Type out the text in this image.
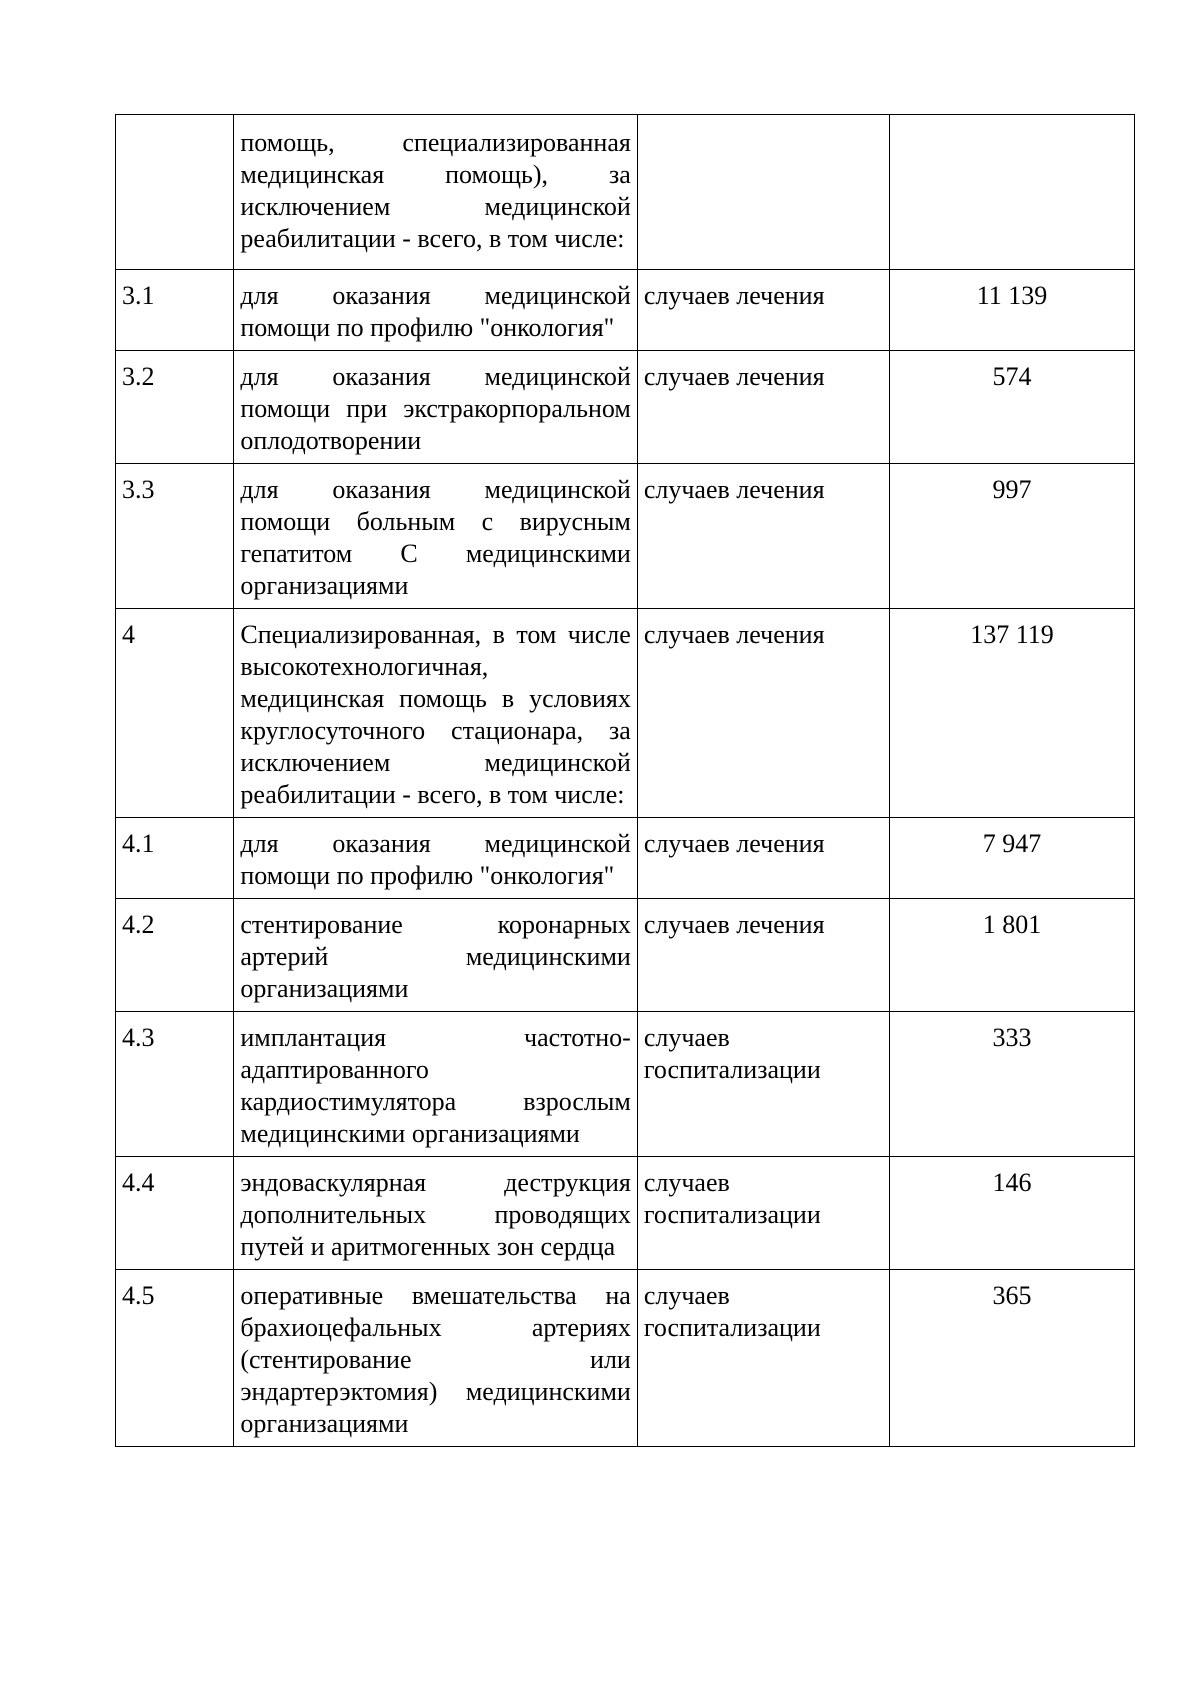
	помощь, специализированная медицинская помощь), за исключением медицинской реабилитации - всего, в том числе:		
3.1	для оказания медицинской помощи по профилю "онкология"	случаев лечения	11 139
3.2	для оказания медицинской помощи при экстракорпоральном оплодотворении	случаев лечения	574
3.3	для оказания медицинской помощи больным с вирусным гепатитом C медицинскими организациями	случаев лечения	997
4	Специализированная, в том числе высокотехнологичная, медицинская помощь в условиях круглосуточного стационара, за исключением медицинской реабилитации - всего, в том числе:	случаев лечения	137 119
4.1	для оказания медицинской помощи по профилю "онкология"	случаев лечения	7 947
4.2	стентирование коронарных артерий медицинскими организациями	случаев лечения	1 801
4.3	имплантация частотно-адаптированного кардиостимулятора взрослым медицинскими организациями	случаев госпитализации	333
4.4	эндоваскулярная деструкция дополнительных проводящих путей и аритмогенных зон сердца	случаев госпитализации	146
4.5	оперативные вмешательства на брахиоцефальных артериях (стентирование или эндартерэктомия) медицинскими организациями	случаев госпитализации	365
